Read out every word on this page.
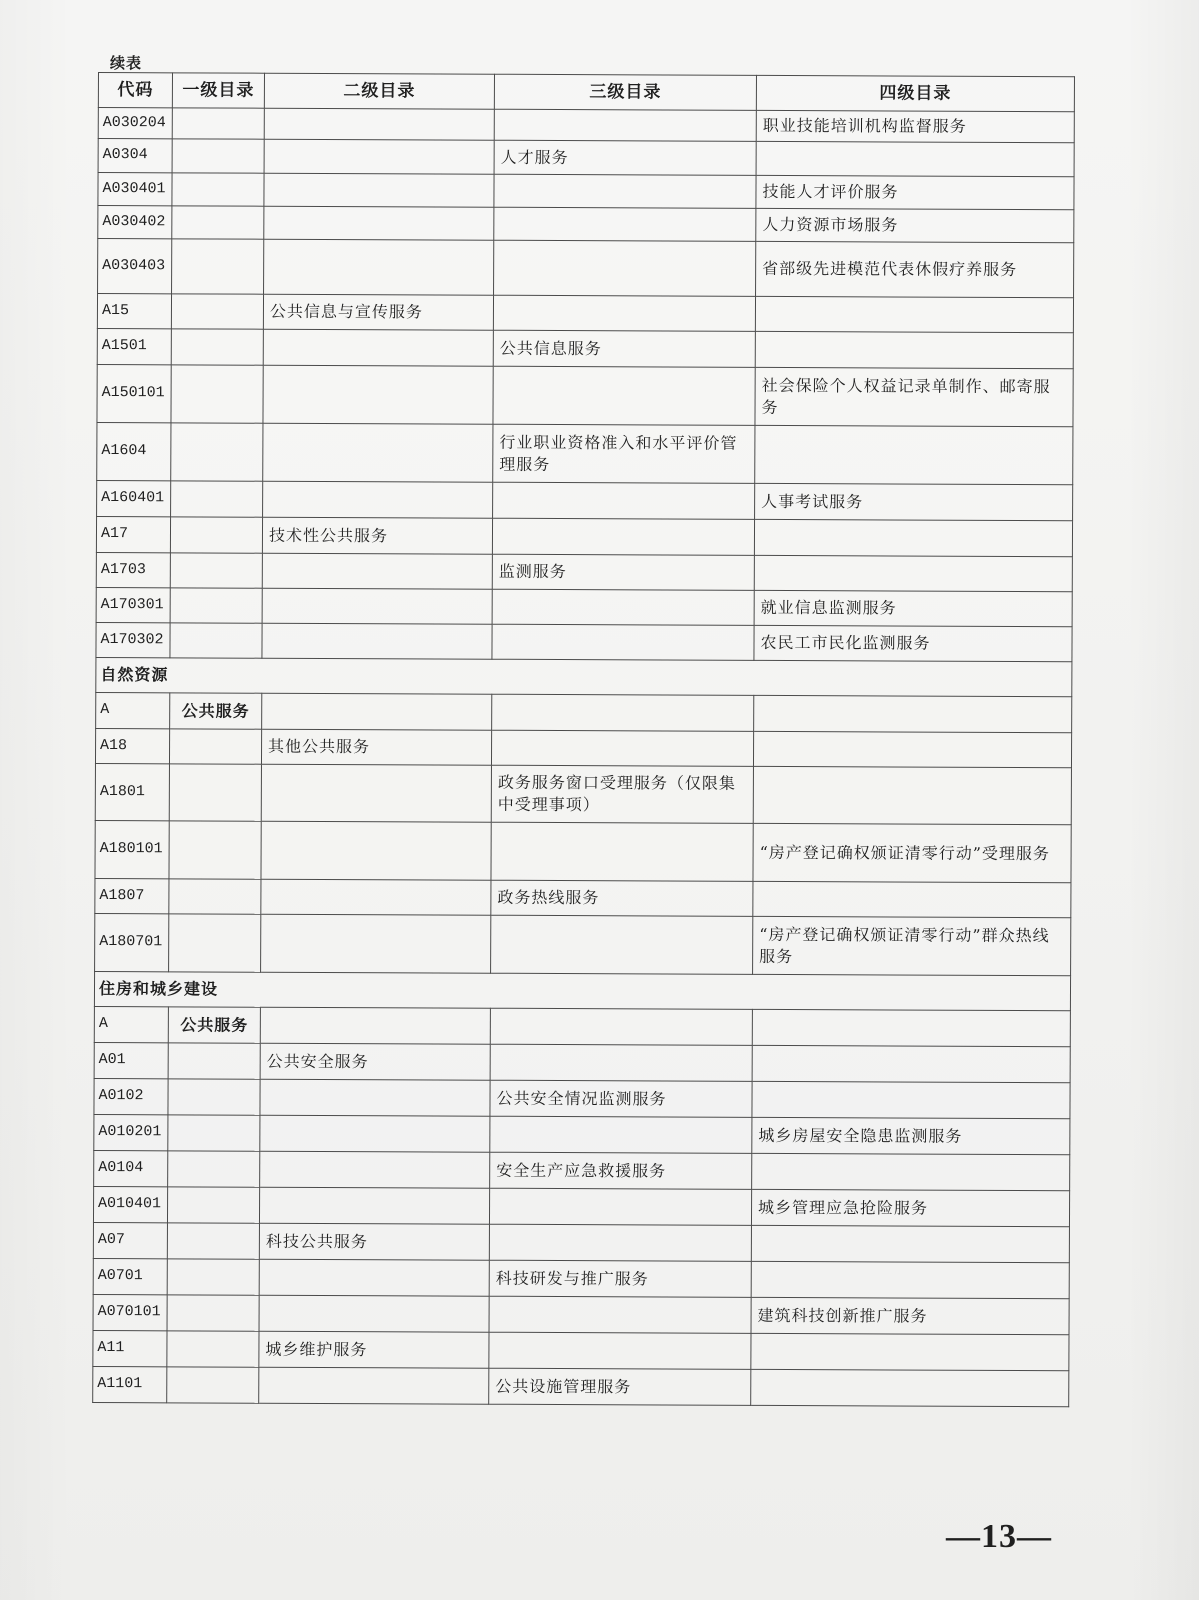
续表
代码	一级目录	二级目录	三级目录	四级目录
A030204				职业技能培训机构监督服务
A0304			人才服务	
A030401				技能人才评价服务
A030402				人力资源市场服务
A030403				省部级先进模范代表休假疗养服务
A15		公共信息与宣传服务		
A1501			公共信息服务	
A150101				社会保险个人权益记录单制作、邮寄服务
A1604			行业职业资格准入和水平评价管理服务	
A160401				人事考试服务
A17		技术性公共服务		
A1703			监测服务	
A170301				就业信息监测服务
A170302				农民工市民化监测服务
自然资源				
A	公共服务			
A18		其他公共服务		
A1801			政务服务窗口受理服务（仅限集中受理事项）	
A180101				“房产登记确权颁证清零行动”受理服务
A1807			政务热线服务	
A180701				“房产登记确权颁证清零行动”群众热线服务
住房和城乡建设				
A	公共服务			
A01		公共安全服务		
A0102			公共安全情况监测服务	
A010201				城乡房屋安全隐患监测服务
A0104			安全生产应急救援服务	
A010401				城乡管理应急抢险服务
A07		科技公共服务		
A0701			科技研发与推广服务	
A070101				建筑科技创新推广服务
A11		城乡维护服务		
A1101			公共设施管理服务	
—13—
